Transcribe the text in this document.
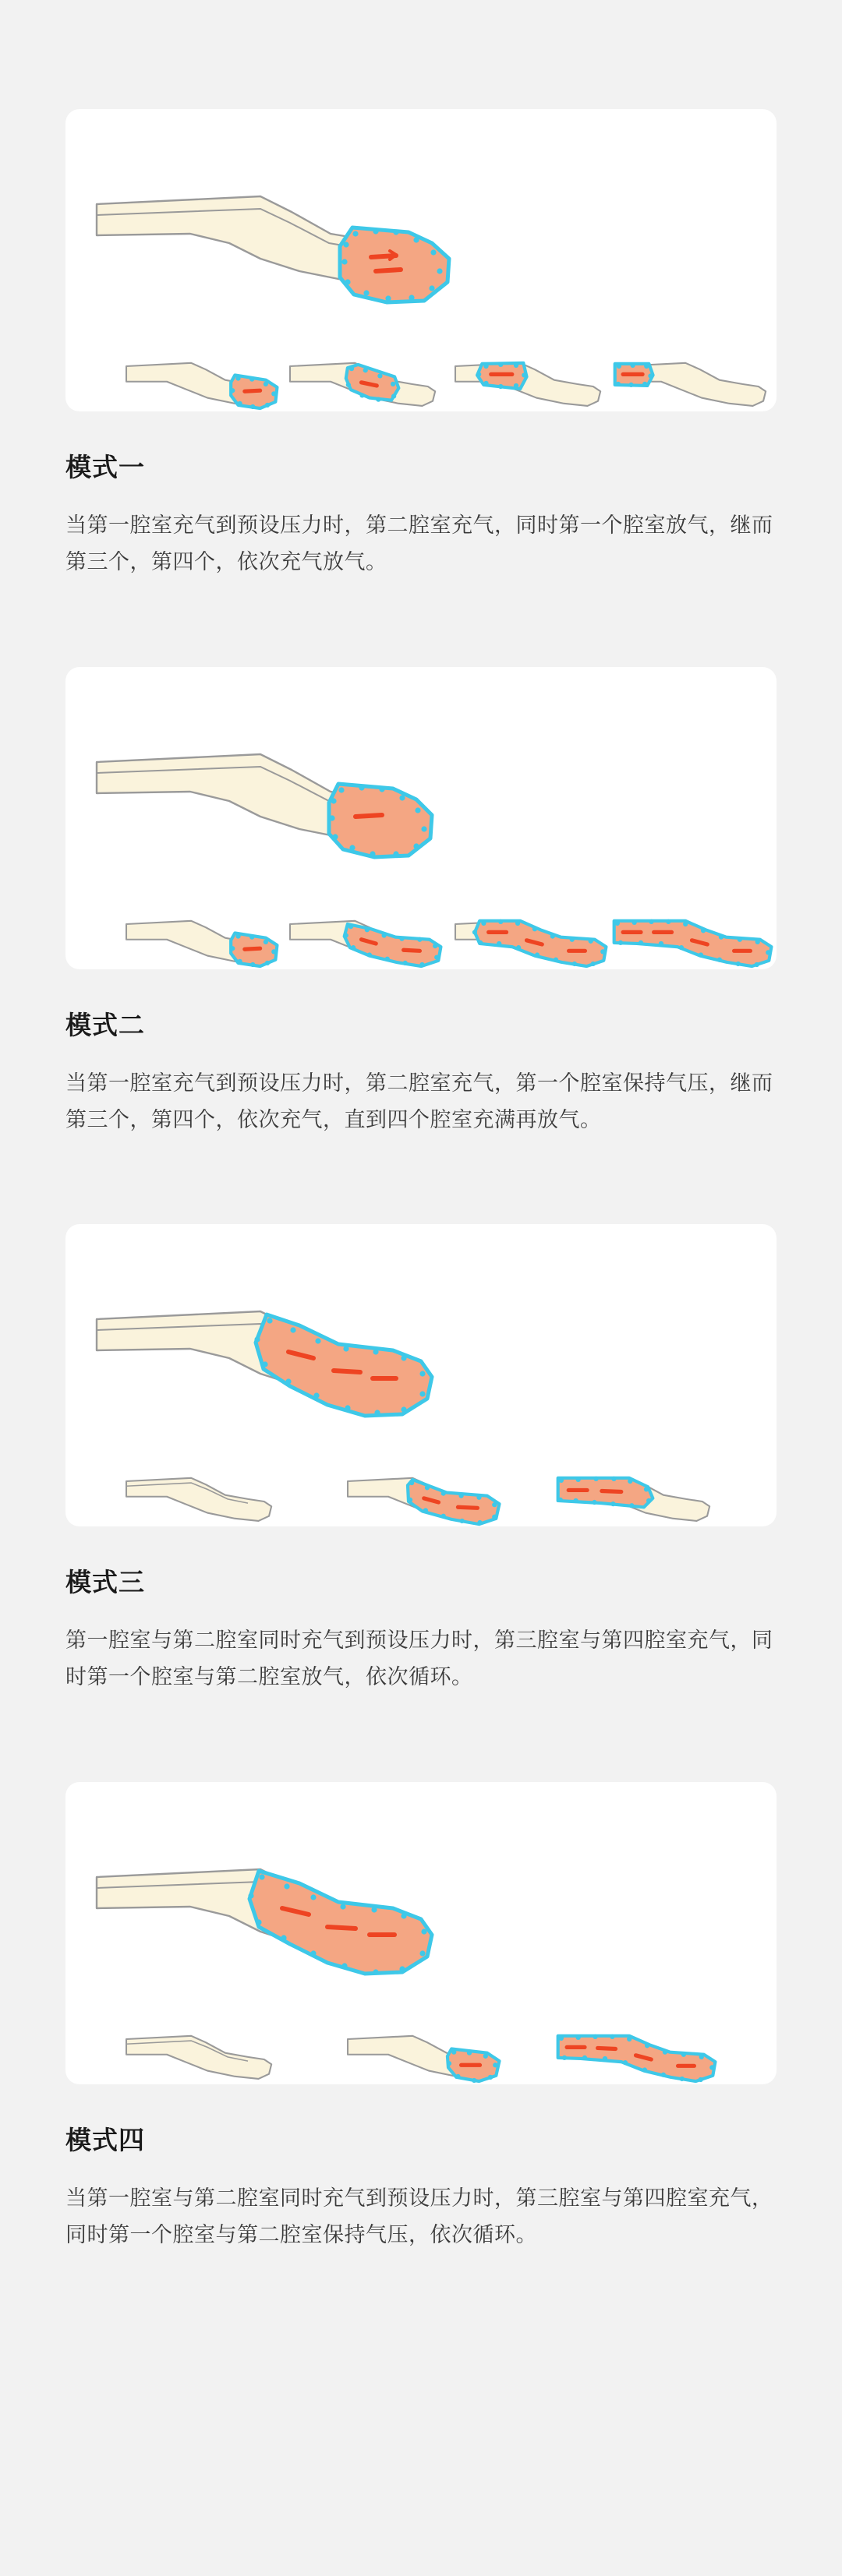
模式一

当第一腔室充气到预设压力时，第二腔室充气，同时第一个腔室放气，继而第三个，第四个，依次充气放气。

模式二

当第一腔室充气到预设压力时，第二腔室充气，第一个腔室保持气压，继而第三个，第四个，依次充气，直到四个腔室充满再放气。

模式三

第一腔室与第二腔室同时充气到预设压力时，第三腔室与第四腔室充气，同时第一个腔室与第二腔室放气，依次循环。

模式四

当第一腔室与第二腔室同时充气到预设压力时，第三腔室与第四腔室充气，同时第一个腔室与第二腔室保持气压，依次循环。
